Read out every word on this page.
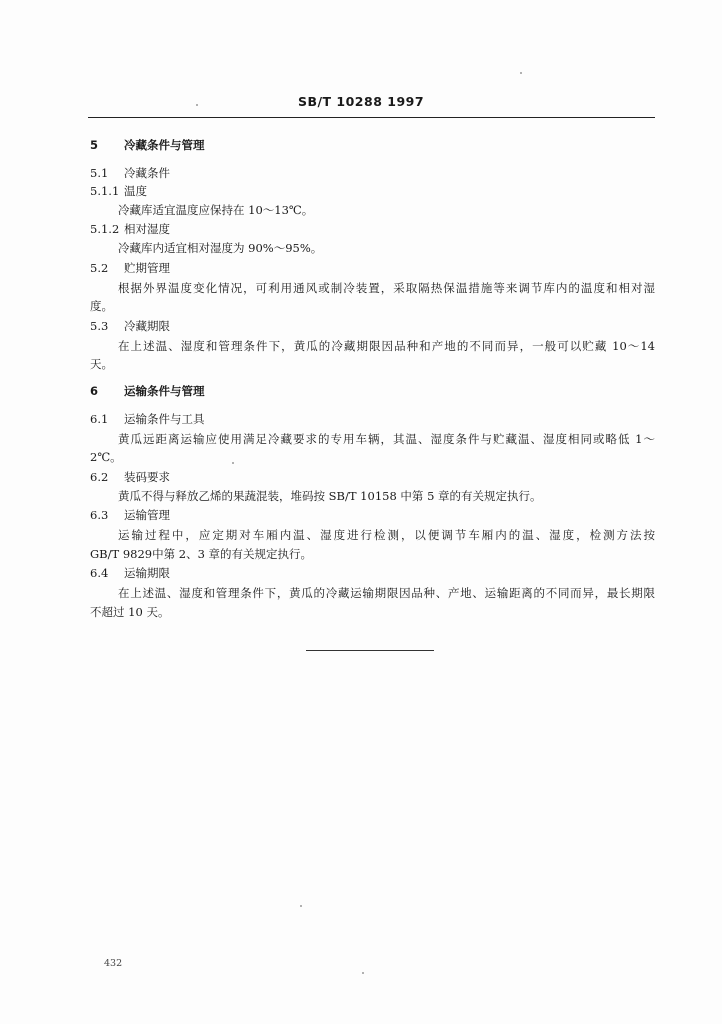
SB/T 10288 1997
5 冷藏条件与管理
5.1 冷藏条件
5.1.1 温度
冷藏库适宜温度应保持在 10～13℃。
5.1.2 相对湿度
冷藏库内适宜相对湿度为 90%～95%。
5.2 贮期管理
根据外界温度变化情况，可利用通风或制冷装置，采取隔热保温措施等来调节库内的温度和相对湿
度。
5.3 冷藏期限
在上述温、湿度和管理条件下，黄瓜的冷藏期限因品种和产地的不同而异，一般可以贮藏 10～14
天。
6 运输条件与管理
6.1 运输条件与工具
黄瓜远距离运输应使用满足冷藏要求的专用车辆，其温、湿度条件与贮藏温、湿度相同或略低 1～
2℃。
6.2 装码要求
黄瓜不得与释放乙烯的果蔬混装，堆码按 SB/T 10158 中第 5 章的有关规定执行。
6.3 运输管理
运输过程中，应定期对车厢内温、湿度进行检测，以便调节车厢内的温、湿度，检测方法按
GB/T 9829中第 2、3 章的有关规定执行。
6.4 运输期限
在上述温、湿度和管理条件下，黄瓜的冷藏运输期限因品种、产地、运输距离的不同而异，最长期限
不超过 10 天。
432
